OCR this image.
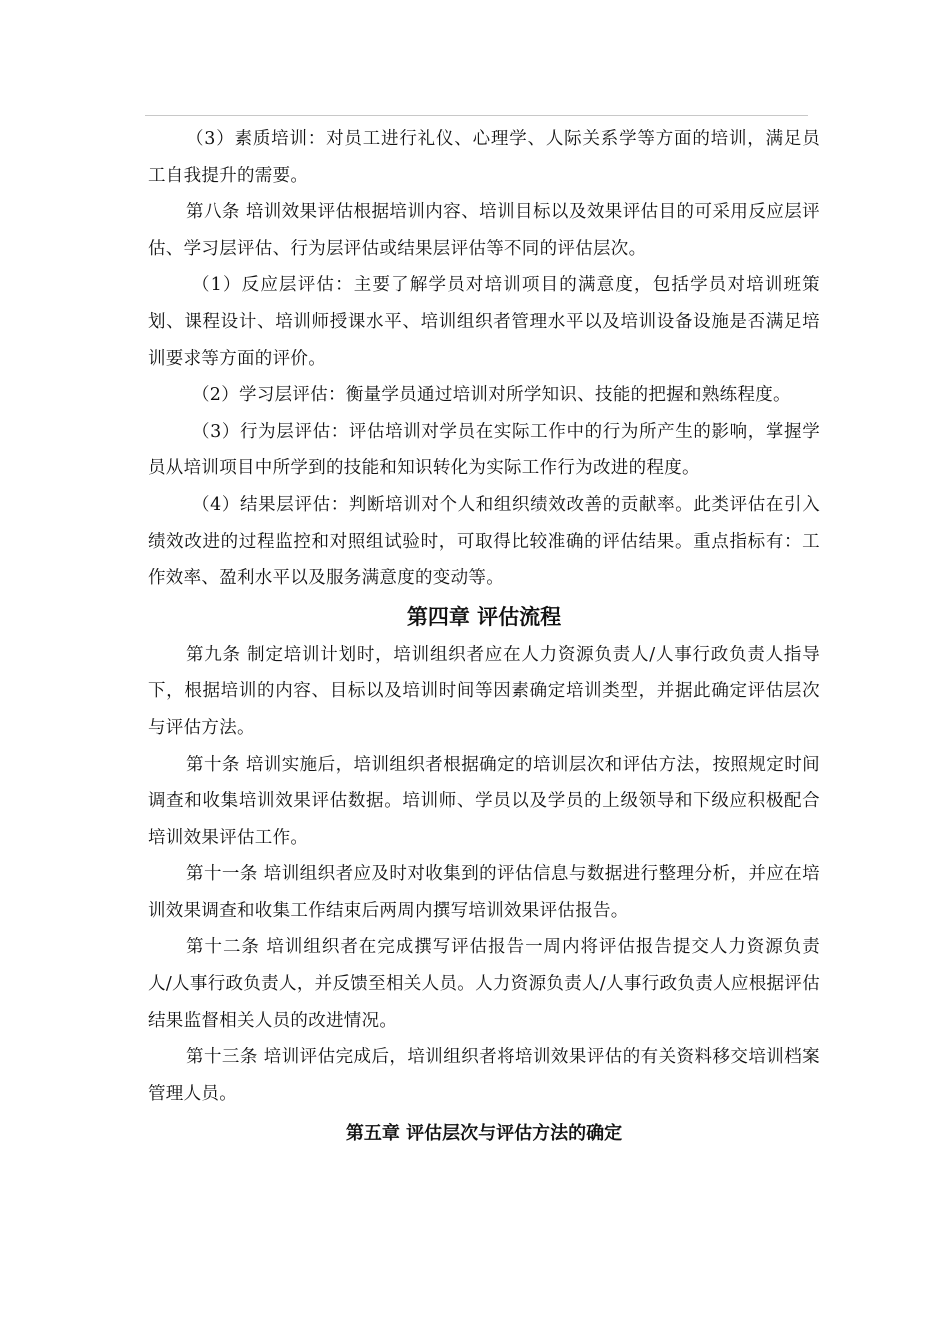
（3）素质培训：对员工进行礼仪、心理学、人际关系学等方面的培训，满足员工自我提升的需要。

第八条 培训效果评估根据培训内容、培训目标以及效果评估目的可采用反应层评估、学习层评估、行为层评估或结果层评估等不同的评估层次。

（1）反应层评估：主要了解学员对培训项目的满意度，包括学员对培训班策划、课程设计、培训师授课水平、培训组织者管理水平以及培训设备设施是否满足培训要求等方面的评价。

（2）学习层评估：衡量学员通过培训对所学知识、技能的把握和熟练程度。

（3）行为层评估：评估培训对学员在实际工作中的行为所产生的影响，掌握学员从培训项目中所学到的技能和知识转化为实际工作行为改进的程度。

（4）结果层评估：判断培训对个人和组织绩效改善的贡献率。此类评估在引入绩效改进的过程监控和对照组试验时，可取得比较准确的评估结果。重点指标有：工作效率、盈利水平以及服务满意度的变动等。

第四章 评估流程

第九条 制定培训计划时，培训组织者应在人力资源负责人/人事行政负责人指导下，根据培训的内容、目标以及培训时间等因素确定培训类型，并据此确定评估层次与评估方法。

第十条 培训实施后，培训组织者根据确定的培训层次和评估方法，按照规定时间调查和收集培训效果评估数据。培训师、学员以及学员的上级领导和下级应积极配合培训效果评估工作。

第十一条 培训组织者应及时对收集到的评估信息与数据进行整理分析，并应在培训效果调查和收集工作结束后两周内撰写培训效果评估报告。

第十二条 培训组织者在完成撰写评估报告一周内将评估报告提交人力资源负责人/人事行政负责人，并反馈至相关人员。人力资源负责人/人事行政负责人应根据评估结果监督相关人员的改进情况。

第十三条 培训评估完成后，培训组织者将培训效果评估的有关资料移交培训档案管理人员。

第五章 评估层次与评估方法的确定
